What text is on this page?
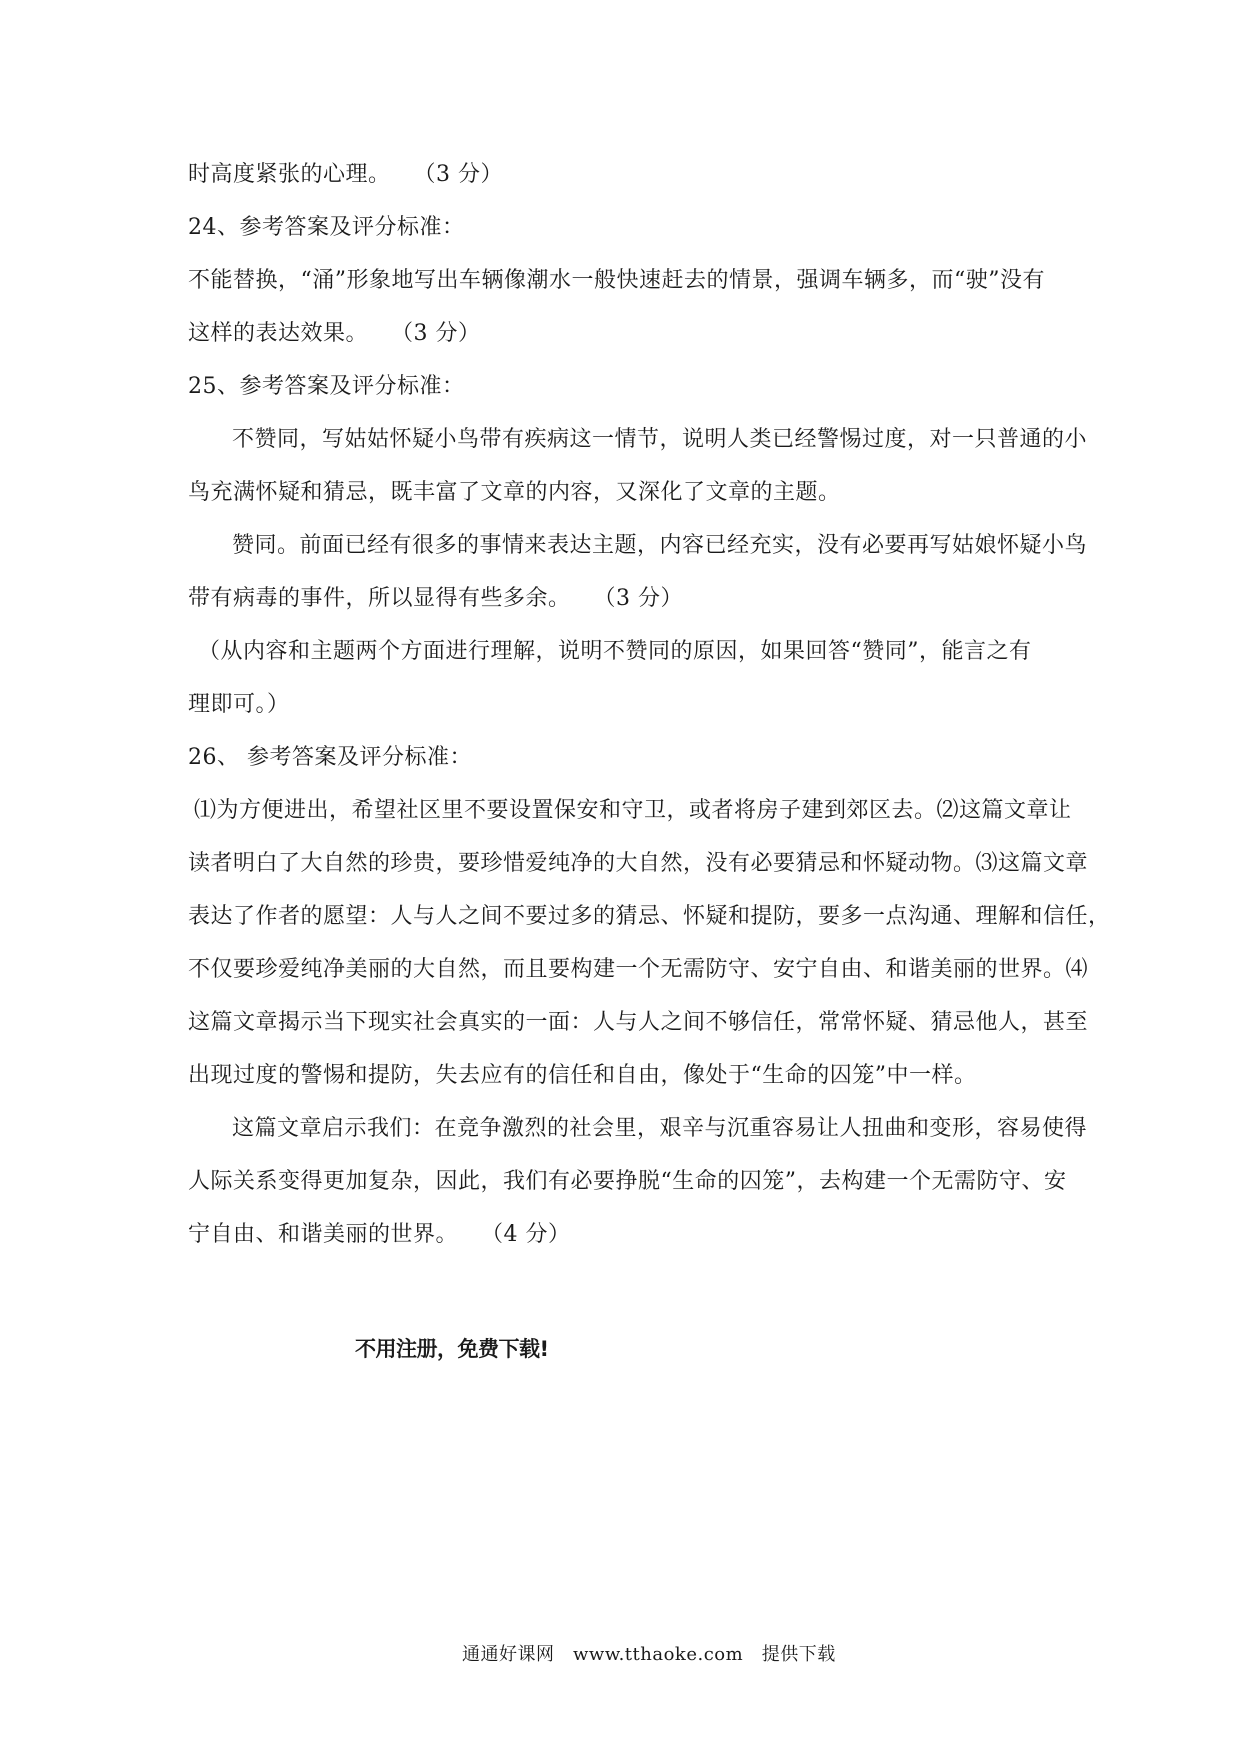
时高度紧张的心理。　　（3 分）
24、参考答案及评分标准：
不能替换，“涌”形象地写出车辆像潮水一般快速赶去的情景，强调车辆多，而“驶”没有
这样的表达效果。　　（3 分）
25、参考答案及评分标准：
不赞同，写姑姑怀疑小鸟带有疾病这一情节，说明人类已经警惕过度，对一只普通的小
鸟充满怀疑和猜忌，既丰富了文章的内容，又深化了文章的主题。
赞同。前面已经有很多的事情来表达主题，内容已经充实，没有必要再写姑娘怀疑小鸟
带有病毒的事件，所以显得有些多余。　　（3 分）
（从内容和主题两个方面进行理解，说明不赞同的原因，如果回答“赞同”，能言之有
理即可。）
26、 参考答案及评分标准：
⑴为方便进出，希望社区里不要设置保安和守卫，或者将房子建到郊区去。⑵这篇文章让
读者明白了大自然的珍贵，要珍惜爱纯净的大自然，没有必要猜忌和怀疑动物。⑶这篇文章
表达了作者的愿望：人与人之间不要过多的猜忌、怀疑和提防，要多一点沟通、理解和信任，
不仅要珍爱纯净美丽的大自然，而且要构建一个无需防守、安宁自由、和谐美丽的世界。⑷
这篇文章揭示当下现实社会真实的一面：人与人之间不够信任，常常怀疑、猜忌他人，甚至
出现过度的警惕和提防，失去应有的信任和自由，像处于“生命的囚笼”中一样。
这篇文章启示我们：在竞争激烈的社会里，艰辛与沉重容易让人扭曲和变形，容易使得
人际关系变得更加复杂，因此，我们有必要挣脱“生命的囚笼”，去构建一个无需防守、安
宁自由、和谐美丽的世界。　　（4 分）
不用注册，免费下载!
通通好课网　www.tthaoke.com　提供下载
